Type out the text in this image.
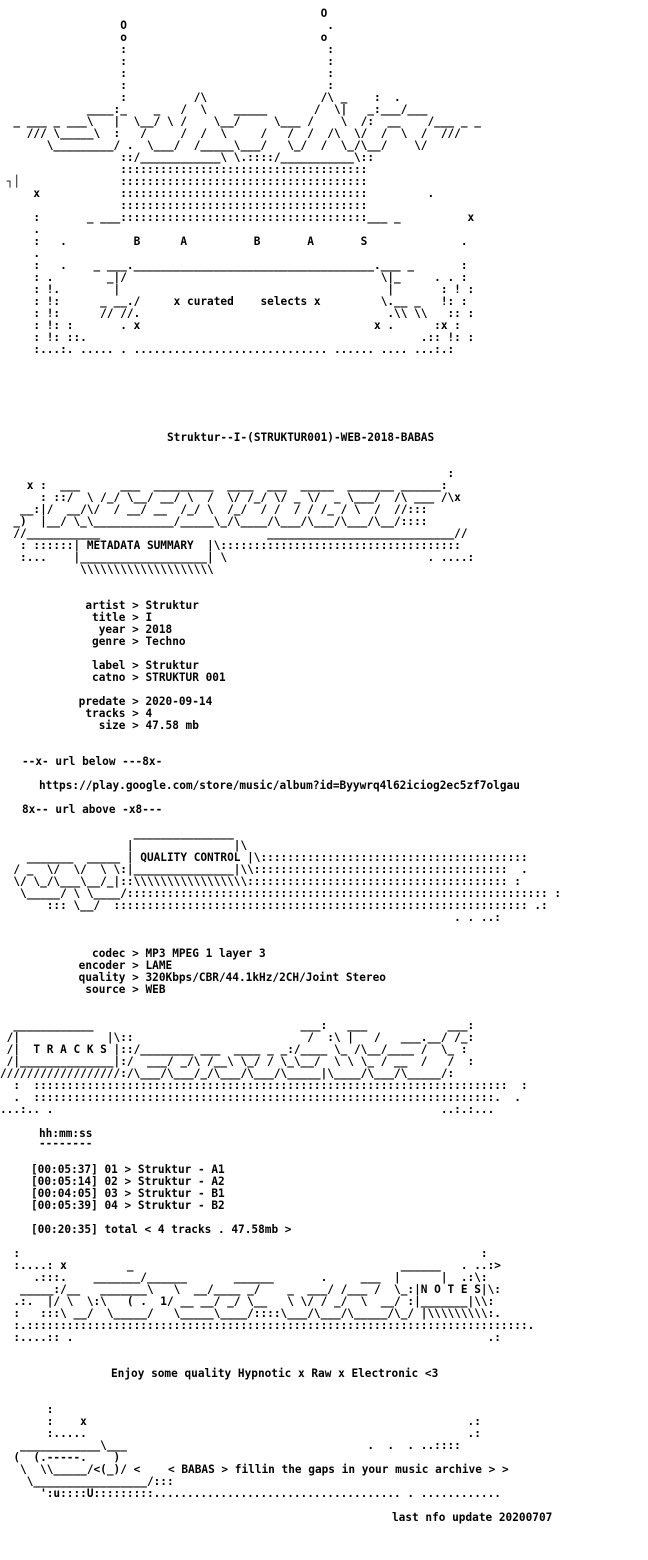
O
O                              .
o                             o
:                              :
:                              :
:                              :
:                              :
:          /\                 /\ _    :  .
____:_    _   /  \    _____       /  \|   _:___/___
_ ___ _ ___\   |  \__/ \ /    \__/     \___ /    \  /:  __    /___ _ _
/// \_____\  :   /     /  /  \     /   /  /  /\  \/  /  \  /  ///
\_________/ .  \___/  /_____\___/   \_/  /  \_/\__/    \/
::/____________\ \.::::/___________\::
:::::::::::::::::::::::::::::::::::::
┐│               :::::::::::::::::::::::::::::::::::::
x            :::::::::::::::::::::::::::::::::::::         .
:::::::::::::::::::::::::::::::::::::
:       _ ___:::::::::::::::::::::::::::::::::::::___ _          x
.
:   .          B      A          B       A       S              .
.
:   .    _ ___.____________________________________.___ _       :
: .        _|/                                      \|_     . . :
: !.        |                                        |       : ! :
: !:      _ __./     x curated    selects x         \.__ _   !: :
: !:      // //.                                     .\\ \\   :: :
: !: :       . x                                   x .      :x :
: !: ::.                                                  .:: !: :
:...:. ..... . ............................. ...... .... ...:.:

Struktur--I-(STRUKTUR001)-WEB-2018-BABAS
:
x :  ___      ___  _________  ____  ___  _____  _______ ______:
: ::/  \ /_/ \__/ __/ \  /  \/ /_/ \/ _ \/  _ \___/  /\ ___ /\x
__:|/  __/\/  / __/ __  /_/ \  /_/  / /  / / /_ / \  /  //:::
_)  |__/ \_\____________/_____\_/\____/\___/\___/\___/\__/::::
//___________                         ____________________________//
: ::::::| METADATA SUMMARY  |\::::::::::::::::::::::::::::::::::::
:...    |___________________| \                              . ....:
\\\\\\\\\\\\\\\\\\\\
artist > Struktur
title > I
year > 2018
genre > Techno

label > Struktur
catno > STRUKTUR 001

predate > 2020-09-14
tracks > 4
size > 47.58 mb
--x- url below ---8x-
https://play.google.com/store/music/album?id=Byywrq4l62iciog2ec5zf7olgau
8x-- url above -x8---
_______________
|               |\
_______  _____ | QUALITY CONTROL |\::::::::::::::::::::::::::::::::::::::::
/ _  \/  \/  \ \:|_______________|\\::::::::::::::::::::::::::::::::::::::  .
\/ \_/\___\__/_|::\\\\\\\\\\\\\\\\\::::::::::::::::::::::::::::::::::::::: :
\_____/ \ \____/::::::::::::::::::::::::::::::::::::::::::::::::::::::::::::::: :
::: \__/  :::::::::::::::::::::::::::::::::::::::::::::::::::::::::::::: .:
. . ..:
codec > MP3 MPEG 1 layer 3
encoder > LAME
quality > 320Kbps/CBR/44.1kHz/2CH/Joint Stereo
source > WEB
____________                               ___:   ___            ___:
/|             |\::                          /  :\ |   /   ___.__/ /_:
/|  T R A C K S |::/________ ___  ____ _ _:/____ \_ /\__/____ /  \_ :
/|______________|:/  ___/ _/\ /__\ \_/ / \_\__/  \ \ \_ / __  /   /  :
//////////////////:/\___/\___/_/\___/\___/\_____|\____/\___/\_____/:
:  :::::::::::::::::::::::::::::::::::::::::::::::::::::::::::::::::::::::  :
.  :::::::::::::::::::::::::::::::::::::::::::::::::::::::::::::::::::::.  .
...:.. .                                                          ..:.:...
hh:mm:ss
--------
[00:05:37] 01 > Struktur - A1
[00:05:14] 02 > Struktur - A2
[00:04:05] 03 > Struktur - B1
[00:05:39] 04 > Struktur - B2
[00:20:35] total < 4 tracks . 47.58mb >
:                                                                     :
:....: x         _                                        ______   . ..:>
.:::.    _______/______       ______       .     ___  |      |  .:\:
_____:/__   _______\   \  __/____ _/    _  ___/ /___ /  \_:|N O T E S|\:
.:.  |/ \  \:\   ( .  1/ __ __/ _/ \__   \ \/ / _/  \  __/ :|_______|\\:
:   :::\ __/  \_____/   \_____\____/::::\___/\___/\_____/\_/ |\\\\\\\\\:.
:.:::::::::::::::::::::::::::::::::::::::::::::::::::::::::::::::::::::::::::.
:....:: .                                                              .:
Enjoy some quality Hypnotic x Raw x Electronic <3
:
:    x                                                         .:
:.....                                                         .:
____________\___                                    .  .  . ..::::
(  (.-----.    )
\  \\_____/<(_)/ <
\_________________/:::
':u::::U:::::::::..................................... . ............
< BABAS > fillin the gaps in your music archive > >
last nfo update 20200707
